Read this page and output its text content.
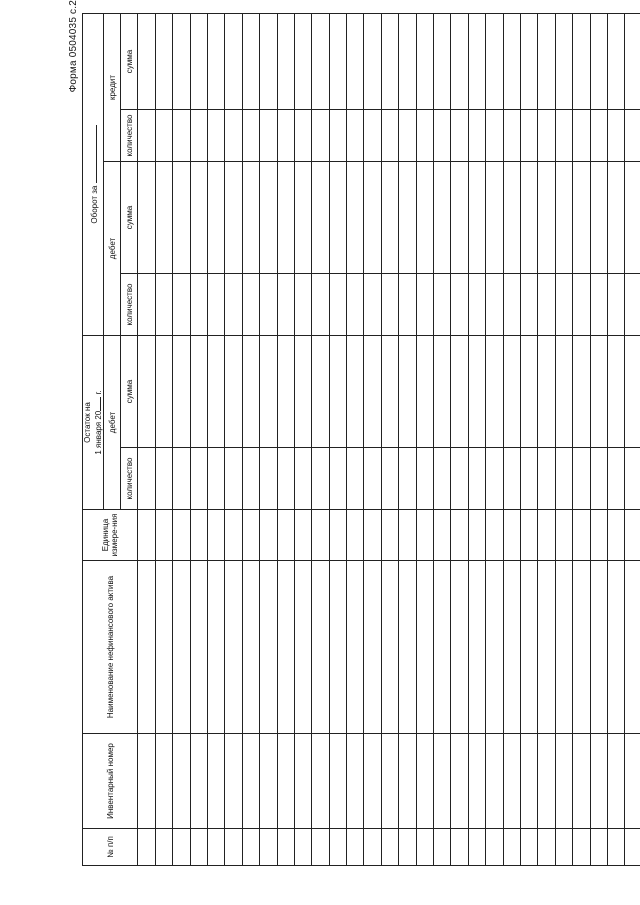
Форма 0504035 с.2
№ п/п	Инвентарный номер	Наименование нефинансового актива	Единица измере-ния	Остаток на 1 января 20 г.		Оборот за			
				дебет		дебет		кредит	
				количество	сумма	количество	сумма	количество	сумма
